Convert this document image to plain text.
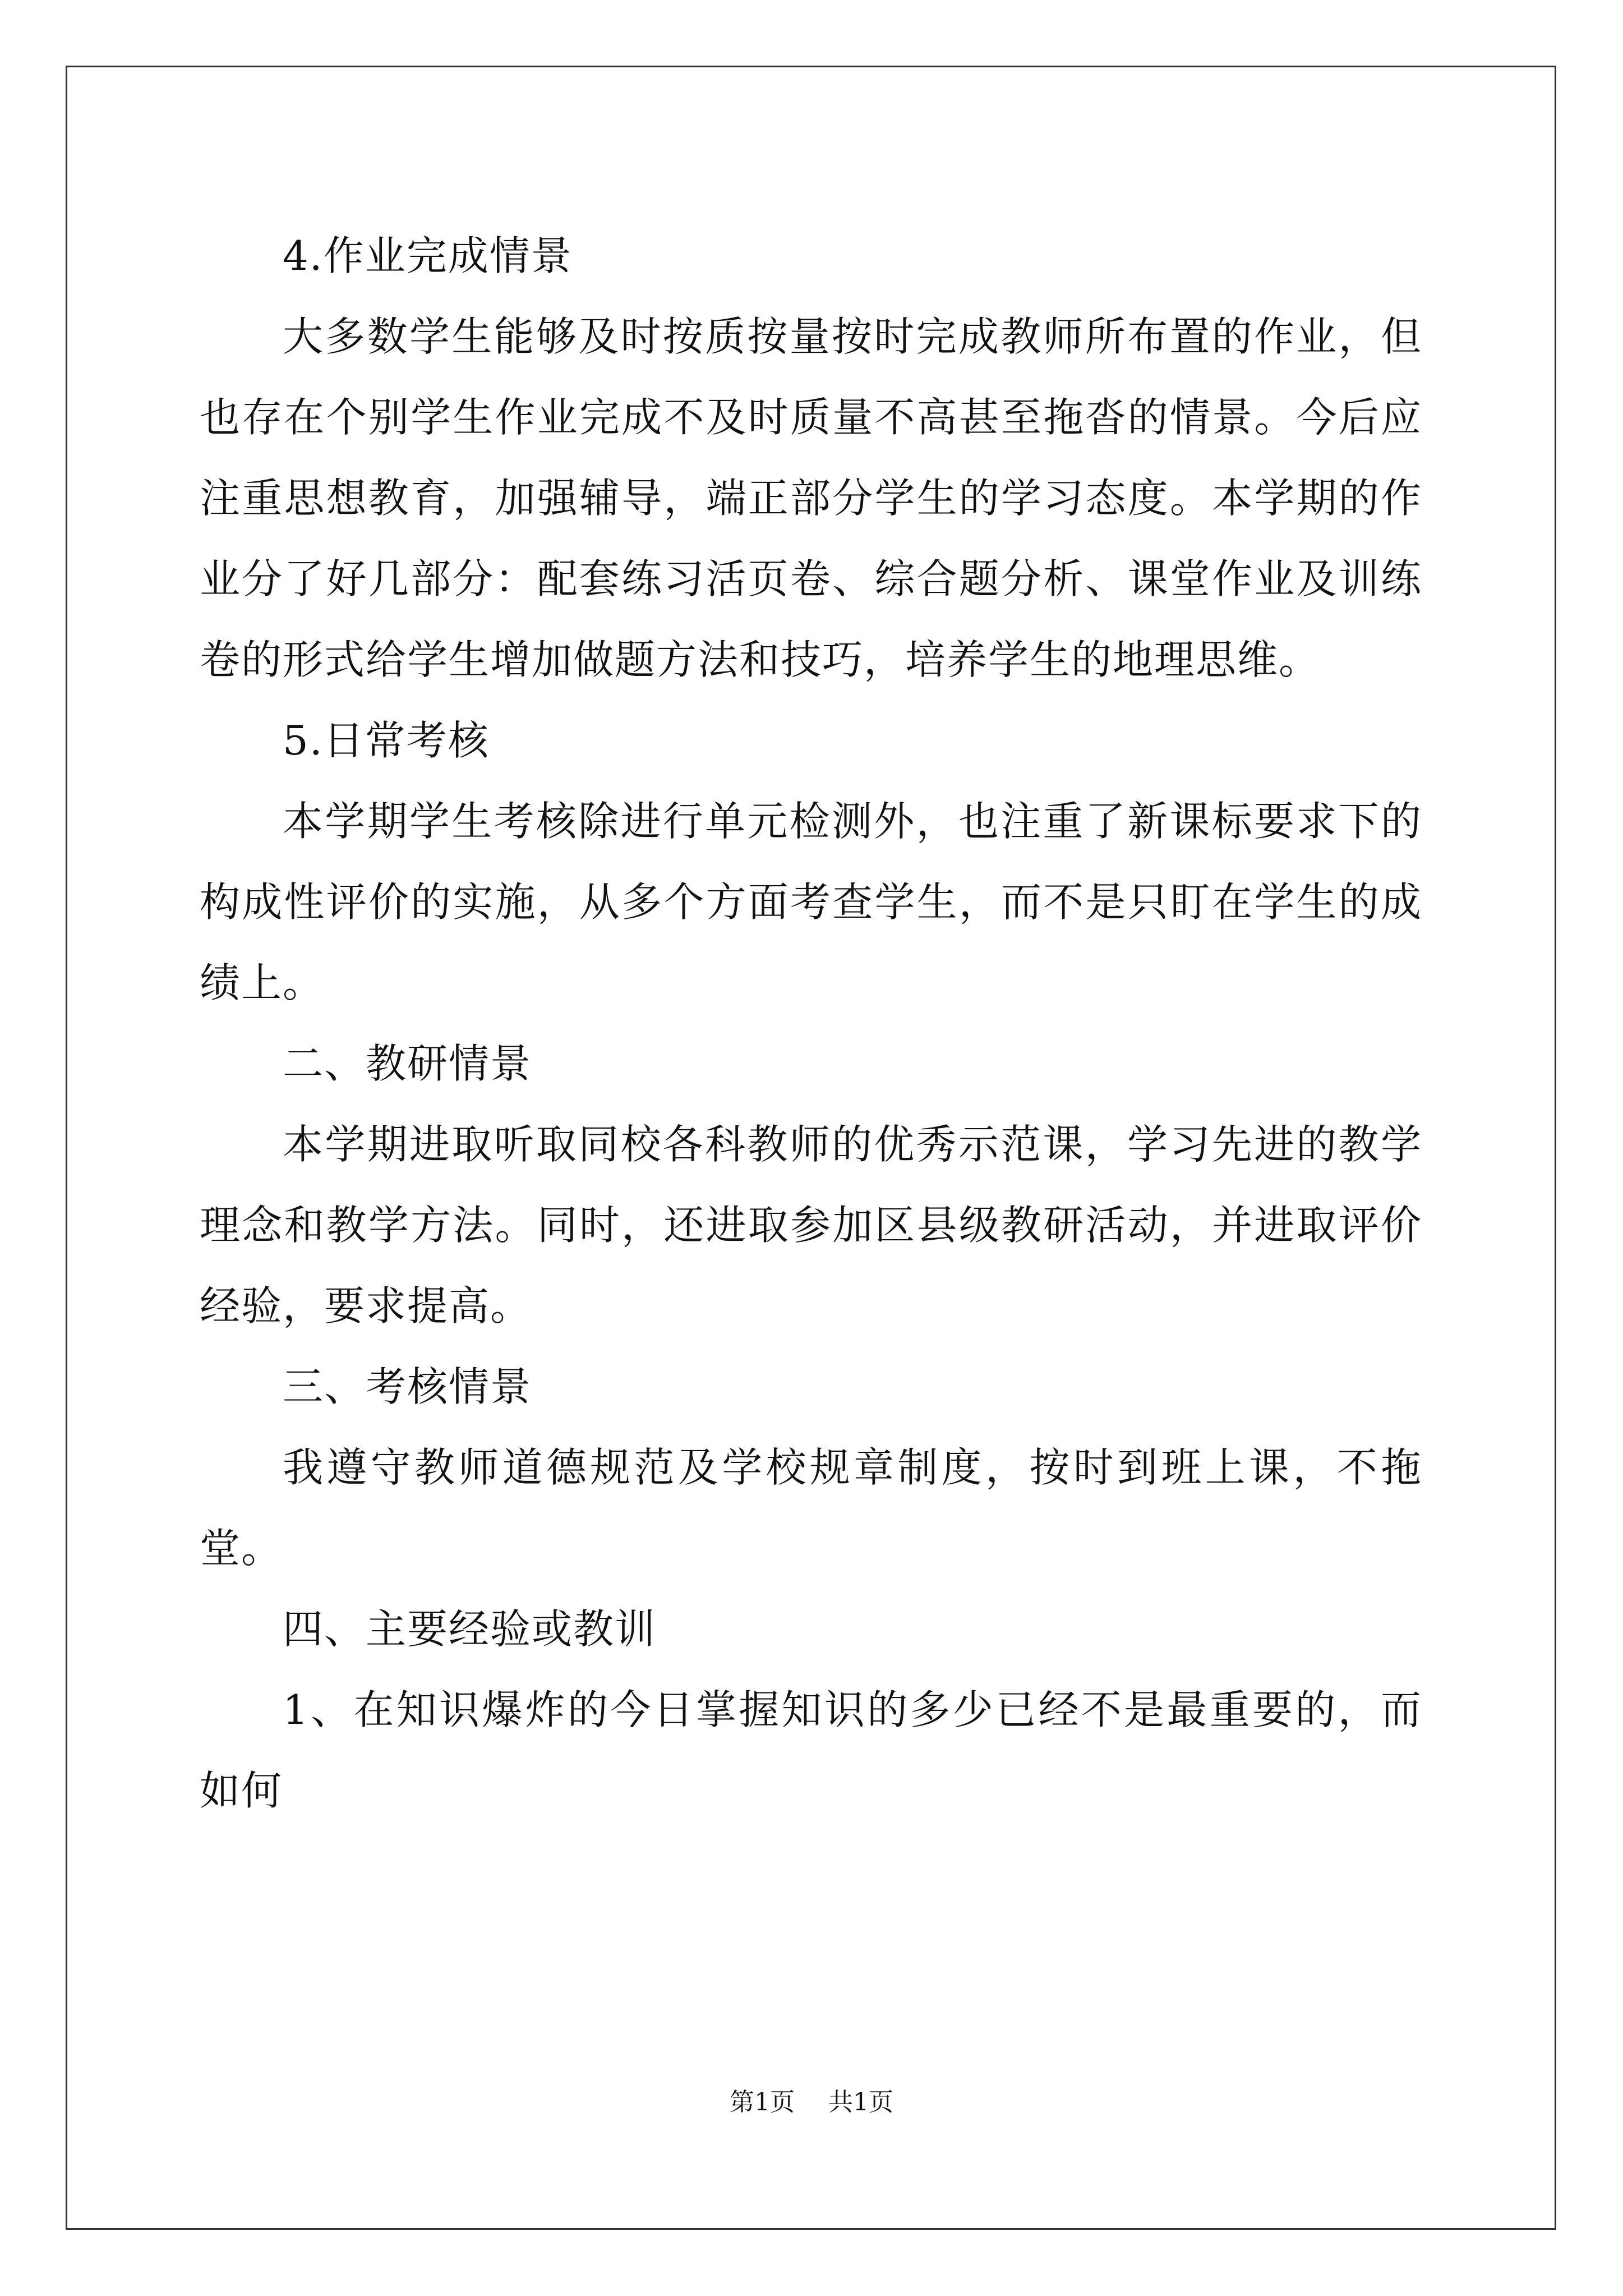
4.作业完成情景

大多数学生能够及时按质按量按时完成教师所布置的作业，但也存在个别学生作业完成不及时质量不高甚至拖沓的情景。今后应注重思想教育，加强辅导，端正部分学生的学习态度。本学期的作业分了好几部分：配套练习活页卷、综合题分析、课堂作业及训练卷的形式给学生增加做题方法和技巧，培养学生的地理思维。

5.日常考核

本学期学生考核除进行单元检测外，也注重了新课标要求下的构成性评价的实施，从多个方面考查学生，而不是只盯在学生的成绩上。

二、教研情景

本学期进取听取同校各科教师的优秀示范课，学习先进的教学理念和教学方法。同时，还进取参加区县级教研活动，并进取评价经验，要求提高。

三、考核情景

我遵守教师道德规范及学校规章制度，按时到班上课，不拖堂。

四、主要经验或教训

1、在知识爆炸的今日掌握知识的多少已经不是最重要的，而如何

第1页 共1页
